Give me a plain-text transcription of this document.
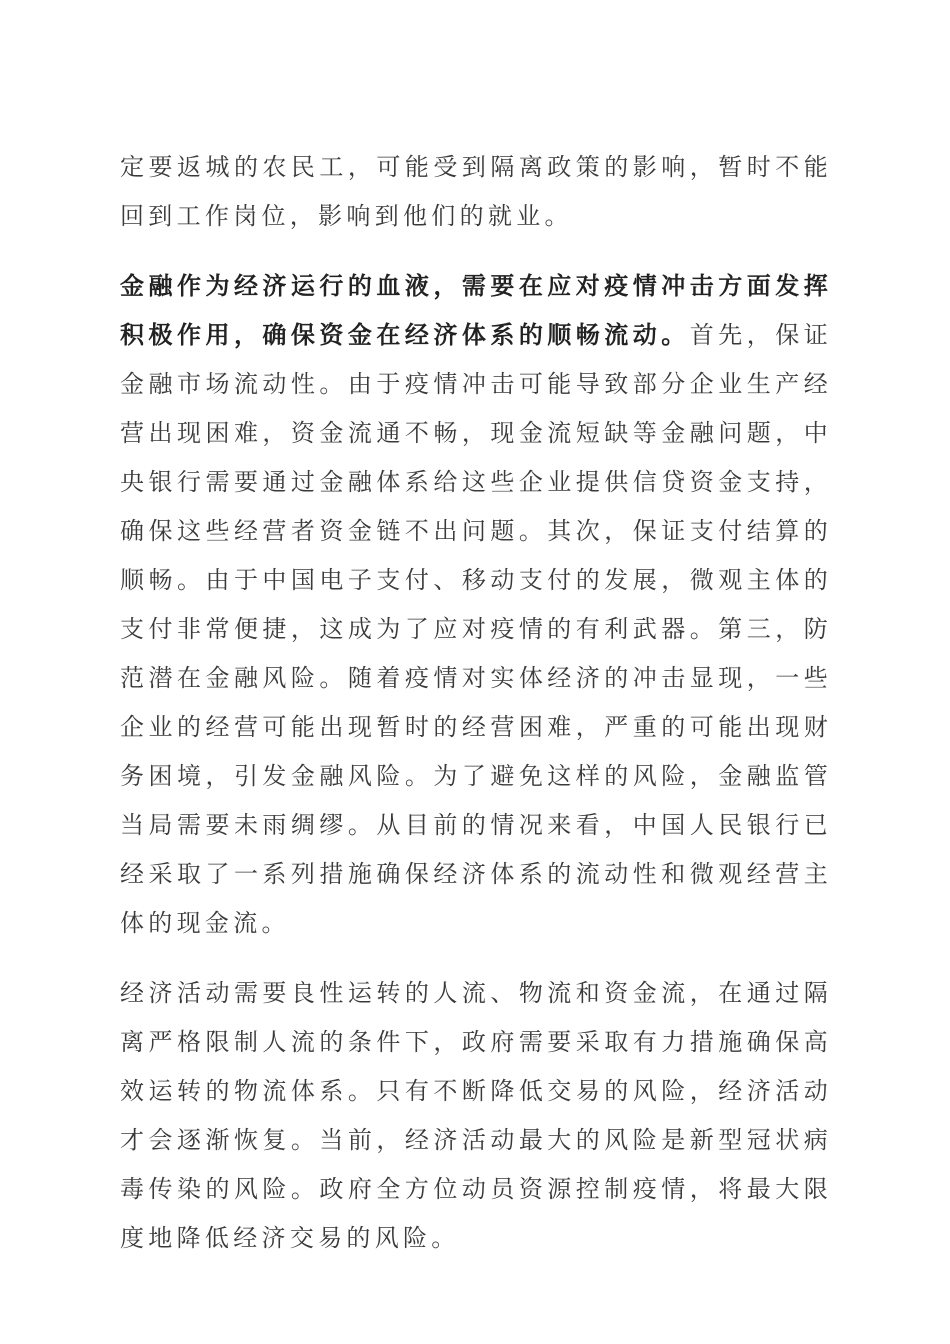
定要返城的农民工，可能受到隔离政策的影响，暂时不能回到工作岗位，影响到他们的就业。

金融作为经济运行的血液，需要在应对疫情冲击方面发挥积极作用，确保资金在经济体系的顺畅流动。首先，保证金融市场流动性。由于疫情冲击可能导致部分企业生产经营出现困难，资金流通不畅，现金流短缺等金融问题，中央银行需要通过金融体系给这些企业提供信贷资金支持，确保这些经营者资金链不出问题。其次，保证支付结算的顺畅。由于中国电子支付、移动支付的发展，微观主体的支付非常便捷，这成为了应对疫情的有利武器。第三，防范潜在金融风险。随着疫情对实体经济的冲击显现，一些企业的经营可能出现暂时的经营困难，严重的可能出现财务困境，引发金融风险。为了避免这样的风险，金融监管当局需要未雨绸缪。从目前的情况来看，中国人民银行已经采取了一系列措施确保经济体系的流动性和微观经营主体的现金流。

经济活动需要良性运转的人流、物流和资金流，在通过隔离严格限制人流的条件下，政府需要采取有力措施确保高效运转的物流体系。只有不断降低交易的风险，经济活动才会逐渐恢复。当前，经济活动最大的风险是新型冠状病毒传染的风险。政府全方位动员资源控制疫情，将最大限度地降低经济交易的风险。
